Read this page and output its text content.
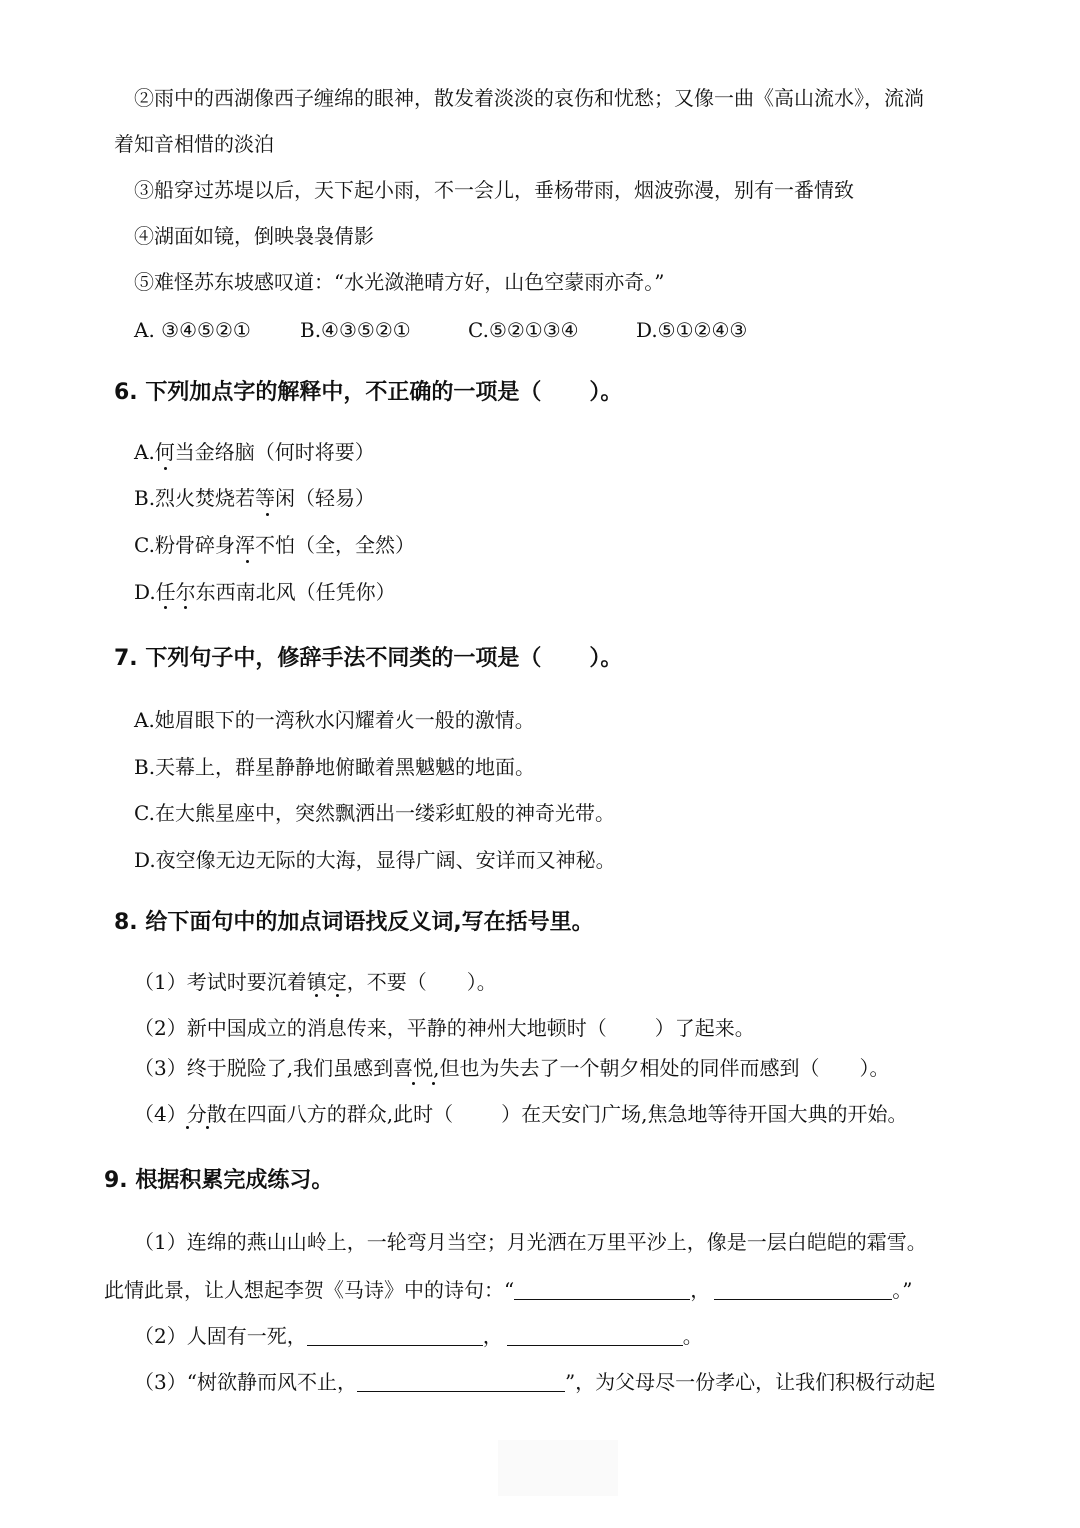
②雨中的西湖像西子缠绵的眼神，散发着淡淡的哀伤和忧愁；又像一曲《高山流水》，流淌
着知音相惜的淡泊
③船穿过苏堤以后，天下起小雨，不一会儿，垂杨带雨，烟波弥漫，别有一番情致
④湖面如镜，倒映袅袅倩影
⑤难怪苏东坡感叹道：“水光潋滟晴方好，山色空蒙雨亦奇。”
A. ③④⑤②① B.④③⑤②①	C.⑤②①③④	D.⑤①②④③
6. 下列加点字的解释中，不正确的一项是（ ）。
A.何当金络脑（何时将要）
B.烈火焚烧若等闲（轻易）
C.粉骨碎身浑不怕（全，全然）
D.任尔东西南北风（任凭你）
7. 下列句子中，修辞手法不同类的一项是（ ）。
A.她眉眼下的一湾秋水闪耀着火一般的激情。
B.天幕上，群星静静地俯瞰着黑魆魆的地面。
C.在大熊星座中，突然飘洒出一缕彩虹般的神奇光带。
D.夜空像无边无际的大海，显得广阔、安详而又神秘。
8. 给下面句中的加点词语找反义词,写在括号里。
（1）考试时要沉着镇定，不要（ ）。
（2）新中国成立的消息传来，平静的神州大地顿时（ ）了起来。
（3）终于脱险了,我们虽感到喜悦,但也为失去了一个朝夕相处的同伴而感到（ ）。
（4）分散在四面八方的群众,此时（ ）在天安门广场,焦急地等待开国大典的开始。
9. 根据积累完成练习。
（1）连绵的燕山山岭上，一轮弯月当空；月光洒在万里平沙上，像是一层白皑皑的霜雪。
此情此景，让人想起李贺《马诗》中的诗句：“	，	。”
（2）人固有一死，	，	。
（3）“树欲静而风不止，	”，为父母尽一份孝心，让我们积极行动起
